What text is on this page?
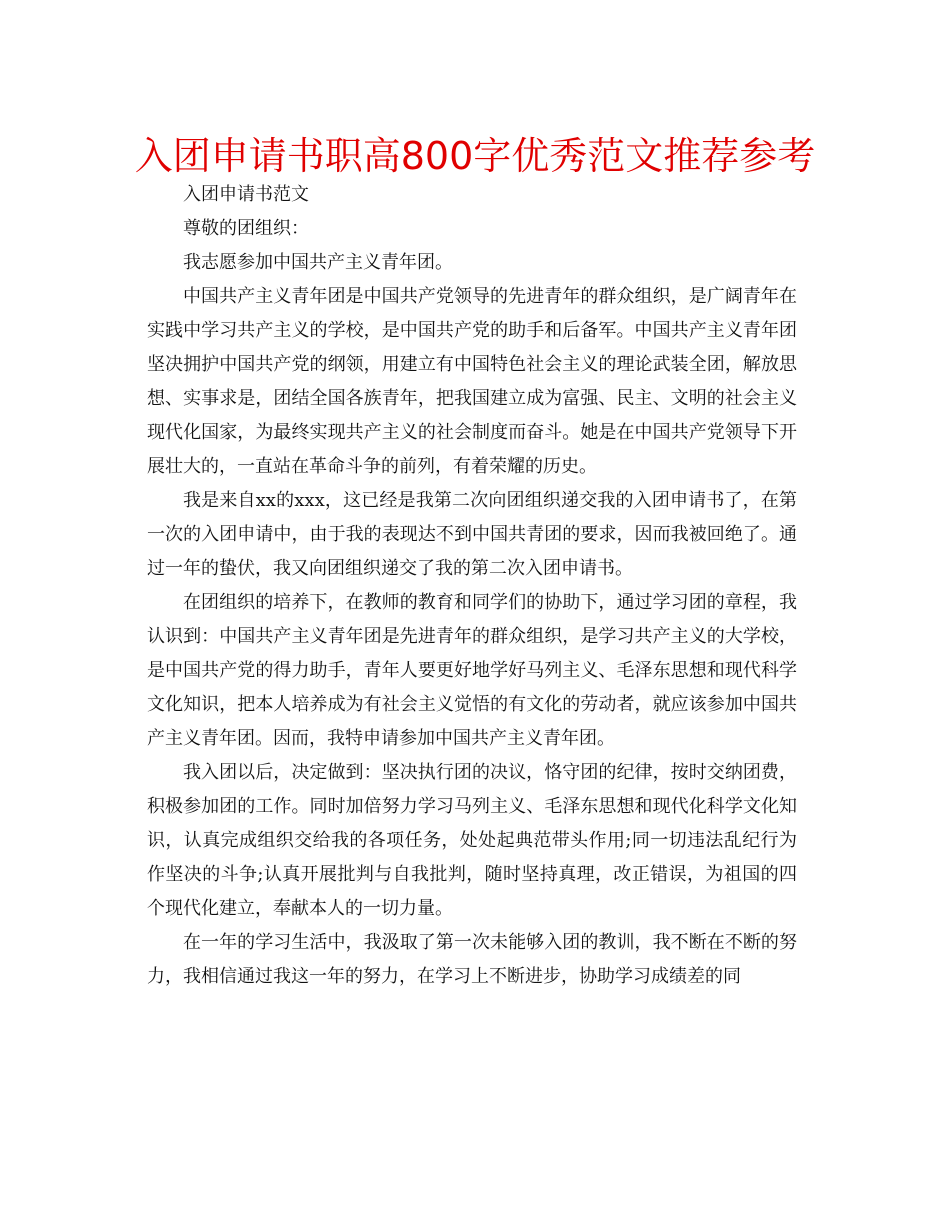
入团申请书职高800字优秀范文推荐参考

入团申请书范文

尊敬的团组织：

我志愿参加中国共产主义青年团。

中国共产主义青年团是中国共产党领导的先进青年的群众组织，是广阔青年在实践中学习共产主义的学校，是中国共产党的助手和后备军。中国共产主义青年团坚决拥护中国共产党的纲领，用建立有中国特色社会主义的理论武装全团，解放思想、实事求是，团结全国各族青年，把我国建立成为富强、民主、文明的社会主义现代化国家，为最终实现共产主义的社会制度而奋斗。她是在中国共产党领导下开展壮大的，一直站在革命斗争的前列，有着荣耀的历史。

我是来自xx的xxx，这已经是我第二次向团组织递交我的入团申请书了，在第一次的入团申请中，由于我的表现达不到中国共青团的要求，因而我被回绝了。通过一年的蛰伏，我又向团组织递交了我的第二次入团申请书。

在团组织的培养下，在教师的教育和同学们的协助下，通过学习团的章程，我认识到：中国共产主义青年团是先进青年的群众组织，是学习共产主义的大学校，是中国共产党的得力助手，青年人要更好地学好马列主义、毛泽东思想和现代科学文化知识，把本人培养成为有社会主义觉悟的有文化的劳动者，就应该参加中国共产主义青年团。因而，我特申请参加中国共产主义青年团。

我入团以后，决定做到：坚决执行团的决议，恪守团的纪律，按时交纳团费，积极参加团的工作。同时加倍努力学习马列主义、毛泽东思想和现代化科学文化知识，认真完成组织交给我的各项任务，处处起典范带头作用;同一切违法乱纪行为作坚决的斗争;认真开展批判与自我批判，随时坚持真理，改正错误，为祖国的四个现代化建立，奉献本人的一切力量。

在一年的学习生活中，我汲取了第一次未能够入团的教训，我不断在不断的努力，我相信通过我这一年的努力，在学习上不断进步，协助学习成绩差的同
